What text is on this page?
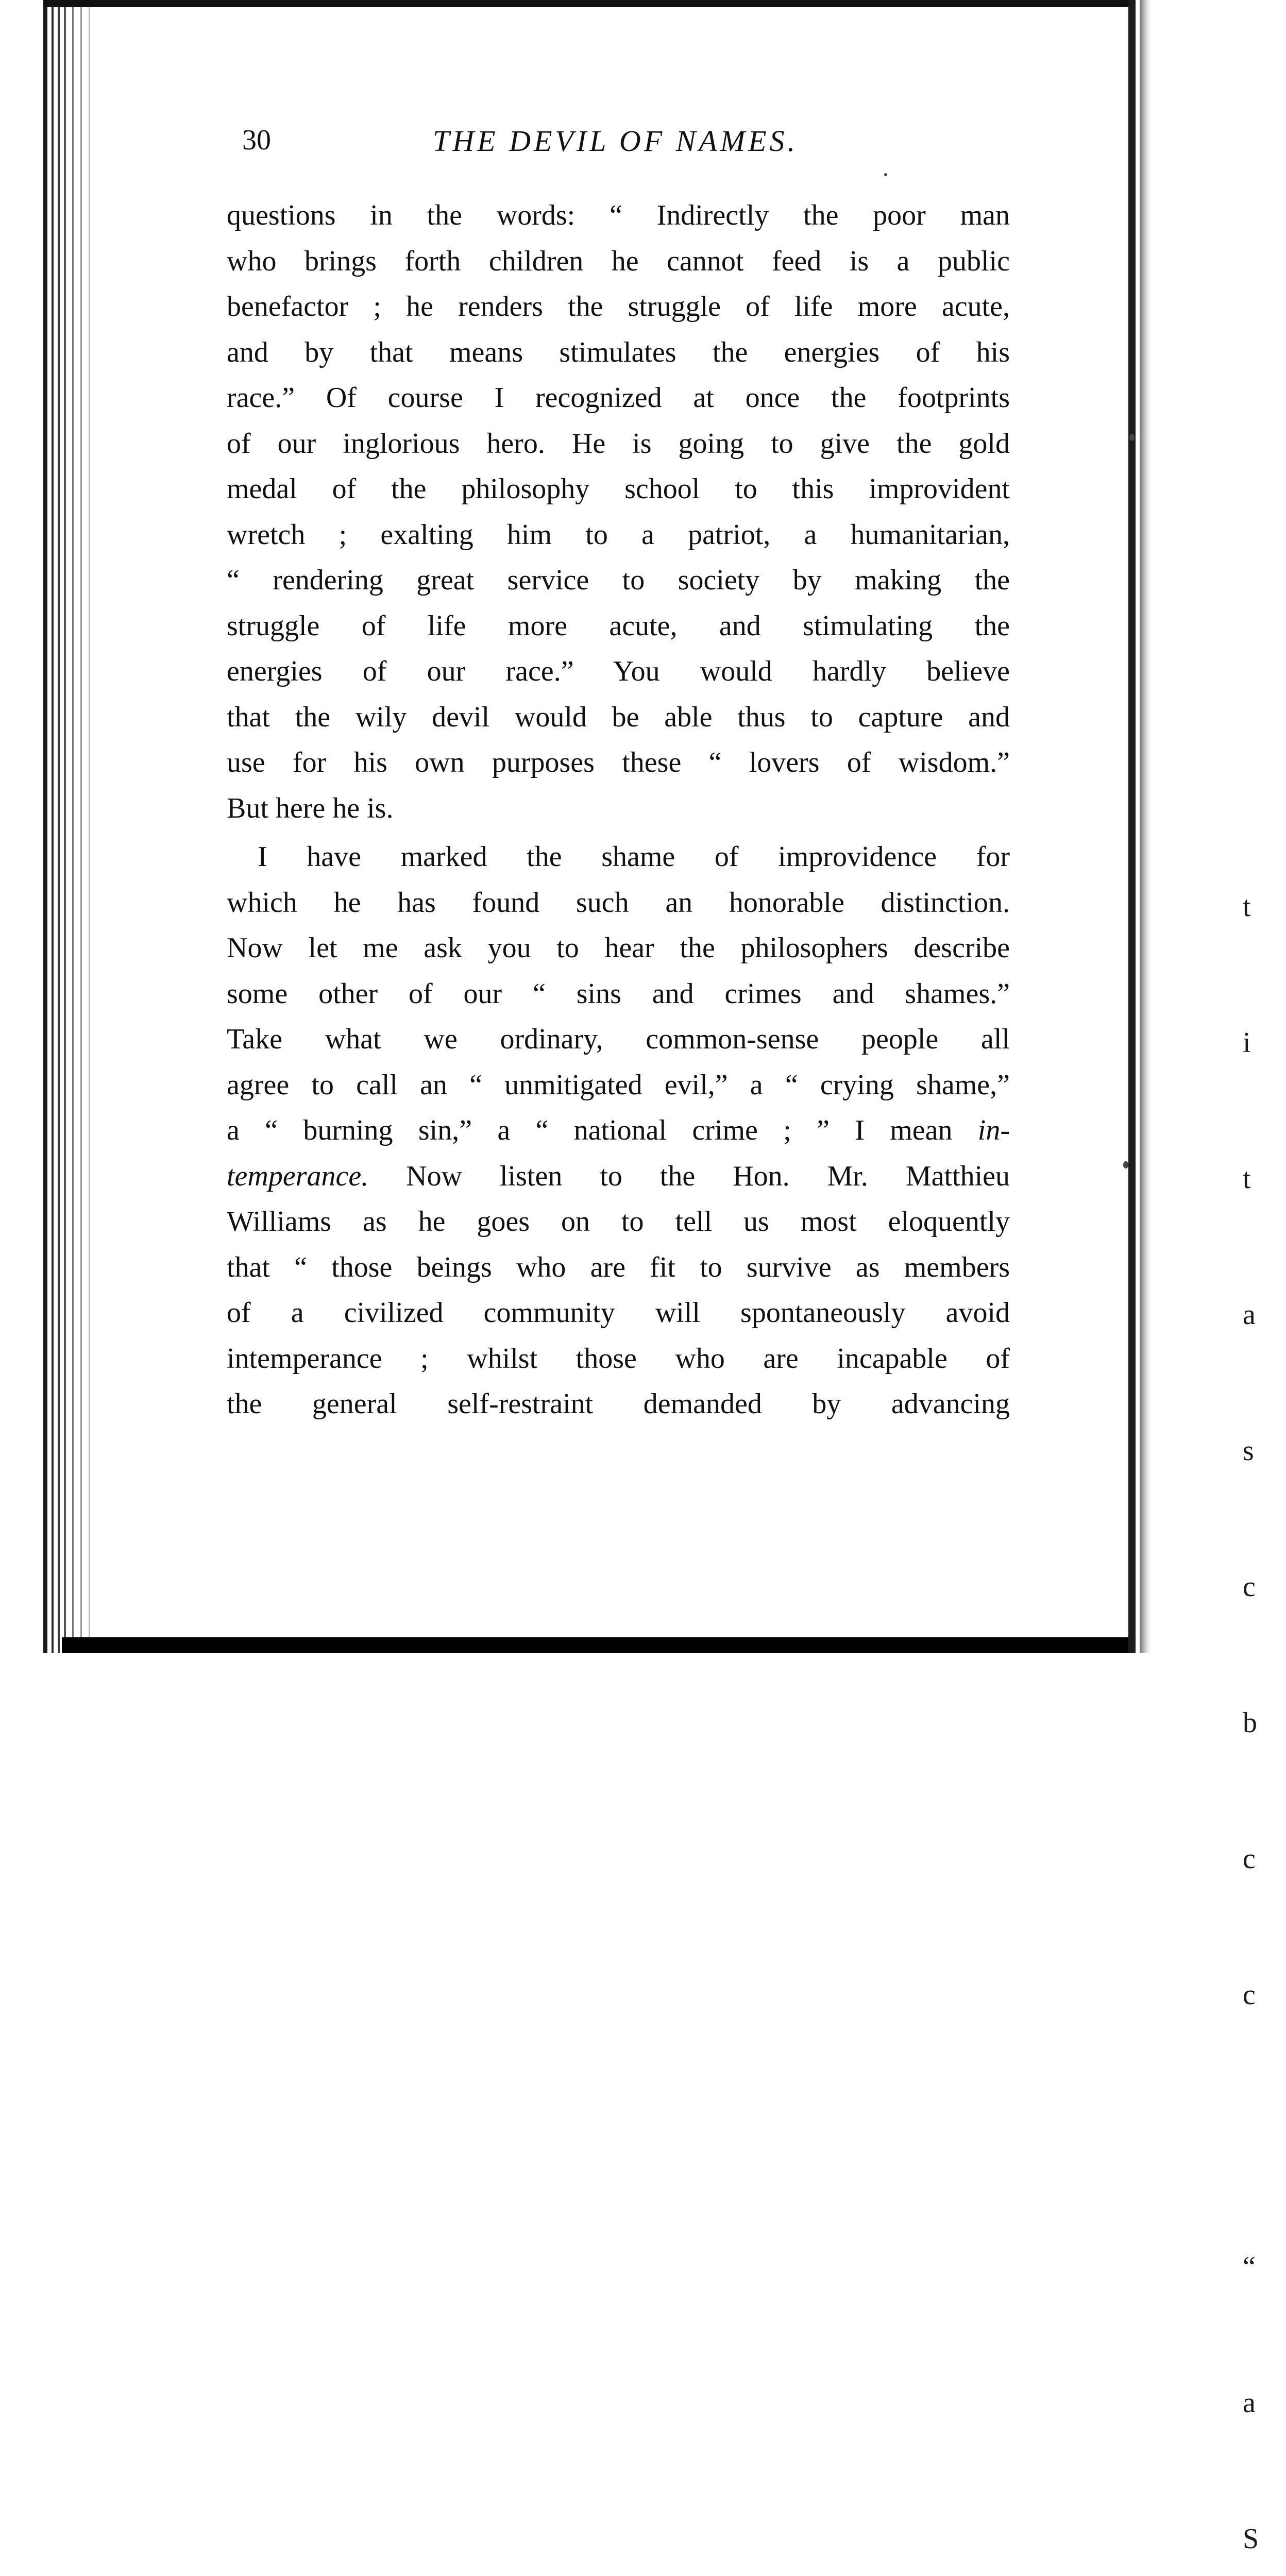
t

i

t

a

s

c

b

c

c

“

a

S

30	THE DEVIL OF NAMES.

questions in the words: “ Indirectly the poor man
who brings forth children he cannot feed is a public
benefactor ; he renders the struggle of life more acute,
and by that means stimulates the energies of his
race.” Of course I recognized at once the footprints
of our inglorious hero. He is going to give the gold
medal of the philosophy school to this improvident
wretch ; exalting him to a patriot, a humanitarian,
“ rendering great service to society by making the
struggle of life more acute, and stimulating the
energies of our race.” You would hardly believe
that the wily devil would be able thus to capture and
use for his own purposes these “ lovers of wisdom.”
But here he is.

I have marked the shame of improvidence for
which he has found such an honorable distinction.
Now let me ask you to hear the philosophers describe
some other of our “ sins and crimes and shames.”
Take what we ordinary, common-sense people all
agree to call an “ unmitigated evil,” a “ crying shame,”
a “ burning sin,” a “ national crime ; ” I mean in-
temperance. Now listen to the Hon. Mr. Matthieu
Williams as he goes on to tell us most eloquently
that “ those beings who are fit to survive as members
of a civilized community will spontaneously avoid
intemperance ; whilst those who are incapable of
the general self-restraint demanded by advancing
